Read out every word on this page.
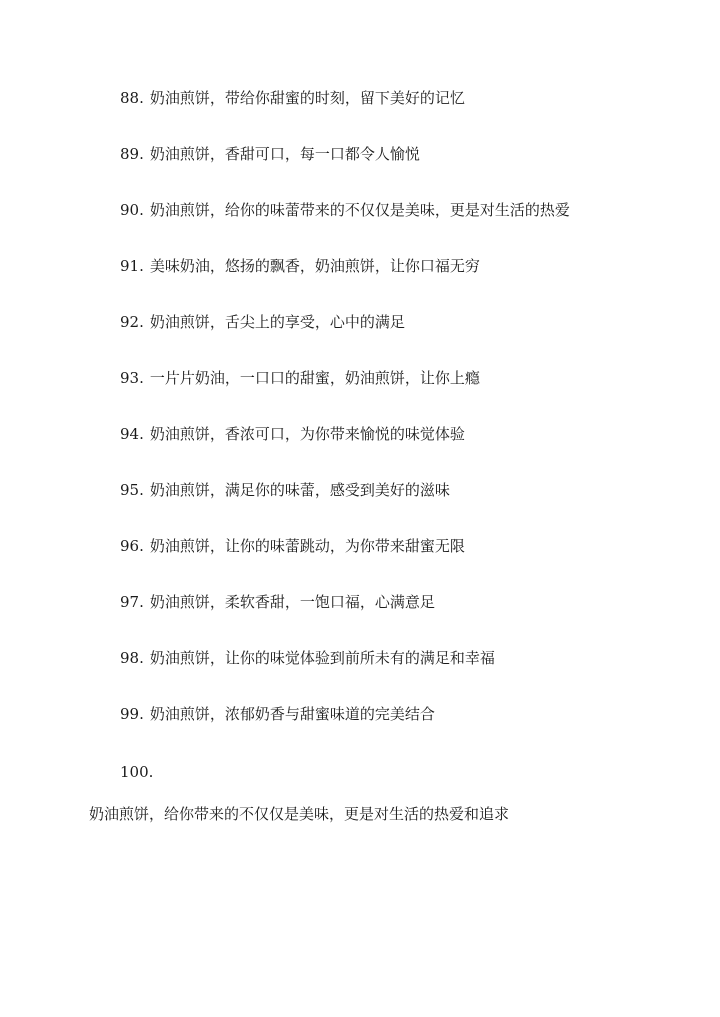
88. 奶油煎饼，带给你甜蜜的时刻，留下美好的记忆
89. 奶油煎饼，香甜可口，每一口都令人愉悦
90. 奶油煎饼，给你的味蕾带来的不仅仅是美味，更是对生活的热爱
91. 美味奶油，悠扬的飘香，奶油煎饼，让你口福无穷
92. 奶油煎饼，舌尖上的享受，心中的满足
93. 一片片奶油，一口口的甜蜜，奶油煎饼，让你上瘾
94. 奶油煎饼，香浓可口，为你带来愉悦的味觉体验
95. 奶油煎饼，满足你的味蕾，感受到美好的滋味
96. 奶油煎饼，让你的味蕾跳动，为你带来甜蜜无限
97. 奶油煎饼，柔软香甜，一饱口福，心满意足
98. 奶油煎饼，让你的味觉体验到前所未有的满足和幸福
99. 奶油煎饼，浓郁奶香与甜蜜味道的完美结合
100.
奶油煎饼，给你带来的不仅仅是美味，更是对生活的热爱和追求
